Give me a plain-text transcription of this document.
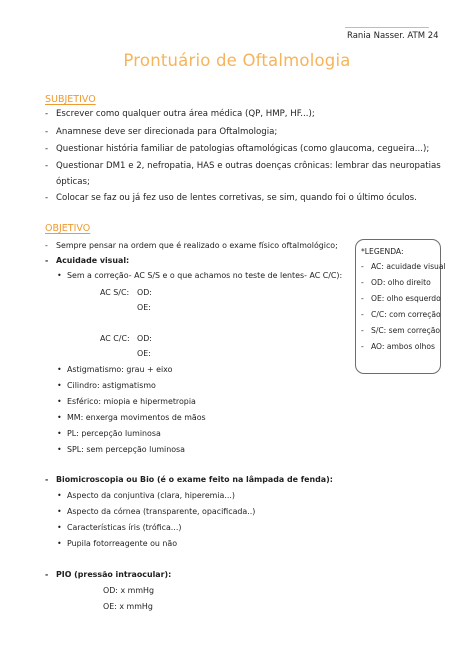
Rania Nasser. ATM 24
Prontuário de Oftalmologia
SUBJETIVO
- Escrever como qualquer outra área médica (QP, HMP, HF...);
- Anamnese deve ser direcionada para Oftalmologia;
- Questionar história familiar de patologias oftamológicas (como glaucoma, cegueira...);
- Questionar DM1 e 2, nefropatia, HAS e outras doenças crônicas: lembrar das neuropatias
ópticas;
- Colocar se faz ou já fez uso de lentes corretivas, se sim, quando foi o último óculos.
OBJETIVO
- Sempre pensar na ordem que é realizado o exame físico oftalmológico;
- Acuidade visual:
• Sem a correção- AC S/S e o que achamos no teste de lentes- AC C/C):
AC S/C: OD:
OE:
AC C/C: OD:
OE:
• Astigmatismo: grau + eixo
• Cilindro: astigmatismo
• Esférico: miopia e hipermetropia
• MM: enxerga movimentos de mãos
• PL: percepção luminosa
• SPL: sem percepção luminosa
- Biomicroscopia ou Bio (é o exame feito na lâmpada de fenda):
• Aspecto da conjuntiva (clara, hiperemia...)
• Aspecto da córnea (transparente, opacificada..)
• Características íris (trófica...)
• Pupila fotorreagente ou não
- PIO (pressão intraocular):
OD: x mmHg
OE: x mmHg
*LEGENDA:
- AC: acuidade visual
- OD: olho direito
- OE: olho esquerdo
- C/C: com correção
- S/C: sem correção
- AO: ambos olhos
